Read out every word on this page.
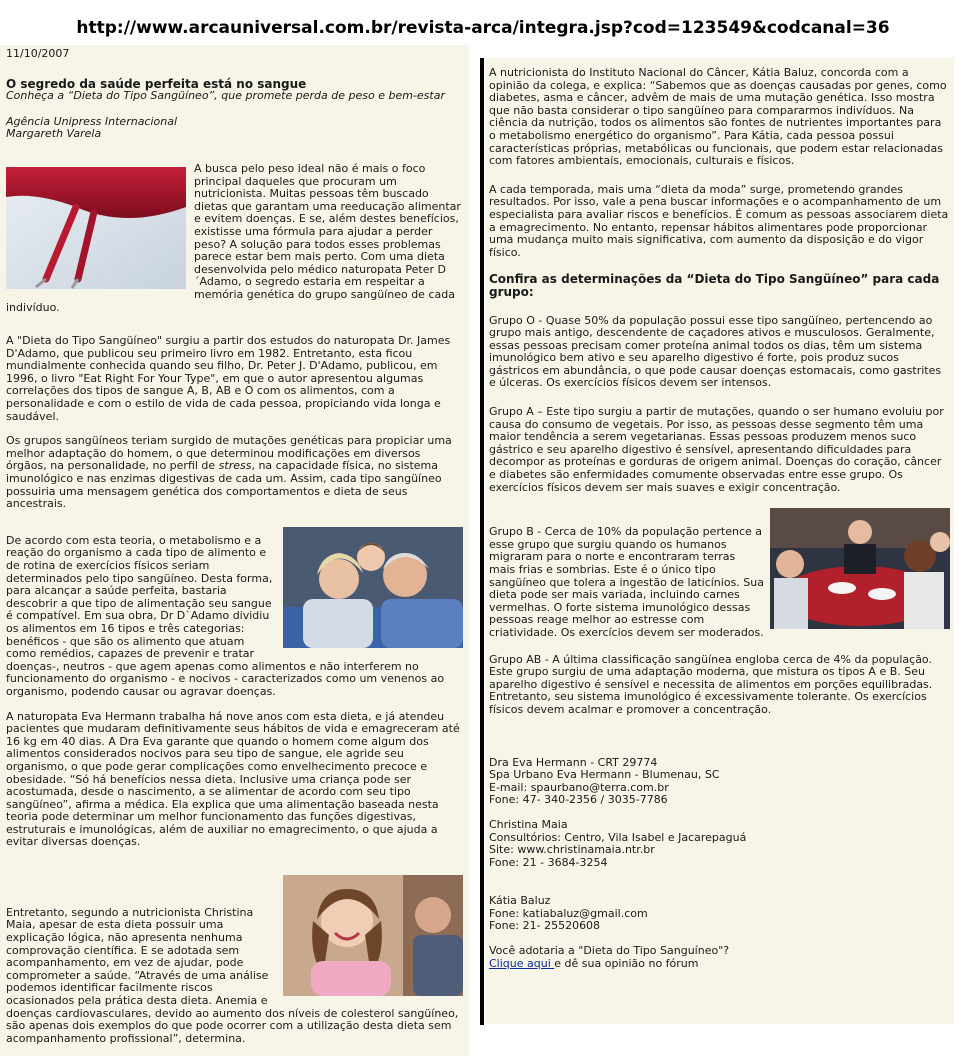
http://www.arcauniversal.com.br/revista-arca/integra.jsp?cod=123549&codcanal=36
11/10/2007
O segredo da saúde perfeita está no sangue
Conheça a “Dieta do Tipo Sangüíneo”, que promete perda de peso e bem-estar
Agência Unipress Internacional
Margareth Varela

A busca pelo peso ideal não é mais o foco principal daqueles que procuram um nutricionista. Muitas pessoas têm buscado dietas que garantam uma reeducação alimentar e evitem doenças. E se, além destes benefícios, existisse uma fórmula para ajudar a perder peso? A solução para todos esses problemas parece estar bem mais perto. Com uma dieta desenvolvida pelo médico naturopata Peter D´Adamo, o segredo estaria em respeitar a memória genética do grupo sangüíneo de cada indivíduo.

A "Dieta do Tipo Sangüíneo" surgiu a partir dos estudos do naturopata Dr. James D'Adamo, que publicou seu primeiro livro em 1982. Entretanto, esta ficou mundialmente conhecida quando seu filho, Dr. Peter J. D'Adamo, publicou, em 1996, o livro "Eat Right For Your Type", em que o autor apresentou algumas correlações dos tipos de sangue A, B, AB e O com os alimentos, com a personalidade e com o estilo de vida de cada pessoa, propiciando vida longa e saudável.

Os grupos sangüíneos teriam surgido de mutações genéticas para propiciar uma melhor adaptação do homem, o que determinou modificações em diversos órgãos, na personalidade, no perfil de stress, na capacidade física, no sistema imunológico e nas enzimas digestivas de cada um. Assim, cada tipo sangüíneo possuiria uma mensagem genética dos comportamentos e dieta de seus ancestrais.

De acordo com esta teoria, o metabolismo e a reação do organismo a cada tipo de alimento e de rotina de exercícios físicos seriam determinados pelo tipo sangüíneo. Desta forma, para alcançar a saúde perfeita, bastaria descobrir a que tipo de alimentação seu sangue é compatível. Em sua obra, Dr D`Adamo dividiu os alimentos em 16 tipos e três categorias: benéficos - que são os alimento que atuam como remédios, capazes de prevenir e tratar doenças-, neutros - que agem apenas como alimentos e não interferem no funcionamento do organismo - e nocivos - caracterizados como um venenos ao organismo, podendo causar ou agravar doenças.

A naturopata Eva Hermann trabalha há nove anos com esta dieta, e já atendeu pacientes que mudaram definitivamente seus hábitos de vida e emagreceram até 16 kg em 40 dias. A Dra Eva garante que quando o homem come algum dos alimentos considerados nocivos para seu tipo de sangue, ele agride seu organismo, o que pode gerar complicações como envelhecimento precoce e obesidade. “Só há benefícios nessa dieta. Inclusive uma criança pode ser acostumada, desde o nascimento, a se alimentar de acordo com seu tipo sangüíneo”, afirma a médica. Ela explica que uma alimentação baseada nesta teoria pode determinar um melhor funcionamento das funções digestivas, estruturais e imunológicas, além de auxiliar no emagrecimento, o que ajuda a evitar diversas doenças.

Entretanto, segundo a nutricionista Christina Maia, apesar de esta dieta possuir uma explicação lógica, não apresenta nenhuma comprovação científica. E se adotada sem acompanhamento, em vez de ajudar, pode comprometer a saúde. “Através de uma análise podemos identificar facilmente riscos ocasionados pela prática desta dieta. Anemia e doenças cardiovasculares, devido ao aumento dos níveis de colesterol sangüíneo, são apenas dois exemplos do que pode ocorrer com a utilização desta dieta sem acompanhamento profissional”, determina.

A nutricionista do Instituto Nacional do Câncer, Kátia Baluz, concorda com a opinião da colega, e explica: “Sabemos que as doenças causadas por genes, como diabetes, asma e câncer, advêm de mais de uma mutação genética. Isso mostra que não basta considerar o tipo sangüíneo para compararmos indivíduos. Na ciência da nutrição, todos os alimentos são fontes de nutrientes importantes para o metabolismo energético do organismo”. Para Kátia, cada pessoa possui características próprias, metabólicas ou funcionais, que podem estar relacionadas com fatores ambientais, emocionais, culturais e físicos.

A cada temporada, mais uma “dieta da moda” surge, prometendo grandes resultados. Por isso, vale a pena buscar informações e o acompanhamento de um especialista para avaliar riscos e benefícios. É comum as pessoas associarem dieta a emagrecimento. No entanto, repensar hábitos alimentares pode proporcionar uma mudança muito mais significativa, com aumento da disposição e do vigor físico.

Confira as determinações da “Dieta do Tipo Sangüíneo” para cada grupo:

Grupo O - Quase 50% da população possui esse tipo sangüíneo, pertencendo ao grupo mais antigo, descendente de caçadores ativos e musculosos. Geralmente, essas pessoas precisam comer proteína animal todos os dias, têm um sistema imunológico bem ativo e seu aparelho digestivo é forte, pois produz sucos gástricos em abundância, o que pode causar doenças estomacais, como gastrites e úlceras. Os exercícios físicos devem ser intensos.

Grupo A – Este tipo surgiu a partir de mutações, quando o ser humano evoluiu por causa do consumo de vegetais. Por isso, as pessoas desse segmento têm uma maior tendência a serem vegetarianas. Essas pessoas produzem menos suco gástrico e seu aparelho digestivo é sensível, apresentando dificuldades para decompor as proteínas e gorduras de origem animal. Doenças do coração, câncer e diabetes são enfermidades comumente observadas entre esse grupo. Os exercícios físicos devem ser mais suaves e exigir concentração.

Grupo B - Cerca de 10% da população pertence a esse grupo que surgiu quando os humanos migraram para o norte e encontraram terras mais frias e sombrias. Este é o único tipo sangüíneo que tolera a ingestão de laticínios. Sua dieta pode ser mais variada, incluindo carnes vermelhas. O forte sistema imunológico dessas pessoas reage melhor ao estresse com criatividade. Os exercícios devem ser moderados.

Grupo AB - A última classificação sangüínea engloba cerca de 4% da população. Este grupo surgiu de uma adaptação moderna, que mistura os tipos A e B. Seu aparelho digestivo é sensível e necessita de alimentos em porções equilibradas. Entretanto, seu sistema imunológico é excessivamente tolerante. Os exercícios físicos devem acalmar e promover a concentração.

Dra Eva Hermann - CRT 29774
Spa Urbano Eva Hermann - Blumenau, SC
E-mail: spaurbano@terra.com.br
Fone: 47- 340-2356 / 3035-7786
Christina Maia
Consultórios: Centro, Vila Isabel e Jacarepaguá
Site: www.christinamaia.ntr.br
Fone: 21 - 3684-3254
Kátia Baluz
Fone: katiabaluz@gmail.com
Fone: 21- 25520608
Você adotaria a "Dieta do Tipo Sanguíneo"?
Clique aqui e dê sua opinião no fórum
